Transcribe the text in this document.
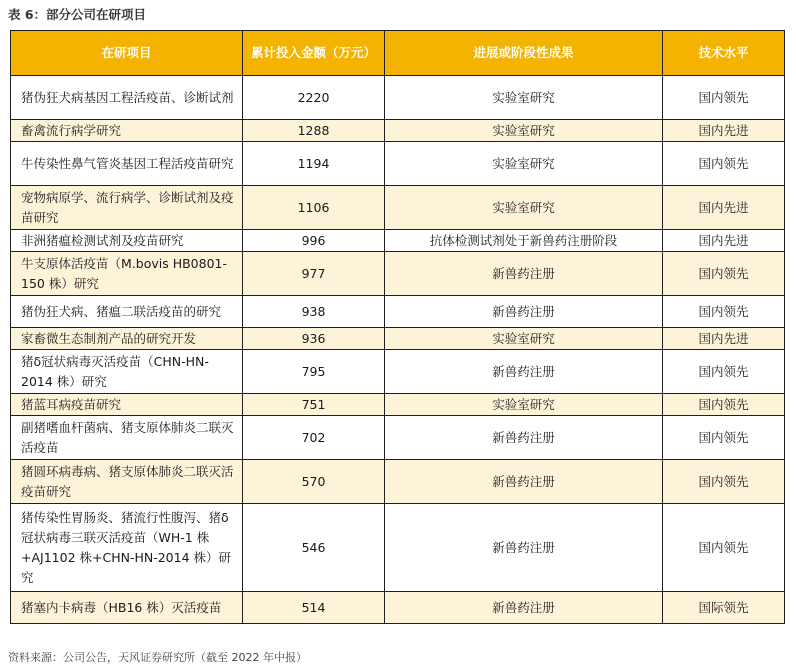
表 6：部分公司在研项目
在研项目	累计投入金额（万元）	进展或阶段性成果	技术水平
猪伪狂犬病基因工程活疫苗、诊断试剂	2220	实验室研究	国内领先
畜禽流行病学研究	1288	实验室研究	国内先进
牛传染性鼻气管炎基因工程活疫苗研究	1194	实验室研究	国内领先
宠物病原学、流行病学、诊断试剂及疫苗研究	1106	实验室研究	国内先进
非洲猪瘟检测试剂及疫苗研究	996	抗体检测试剂处于新兽药注册阶段	国内先进
牛支原体活疫苗（M.bovis HB0801-150 株）研究	977	新兽药注册	国内领先
猪伪狂犬病、猪瘟二联活疫苗的研究	938	新兽药注册	国内领先
家畜微生态制剂产品的研究开发	936	实验室研究	国内先进
猪δ冠状病毒灭活疫苗（CHN-HN-2014 株）研究	795	新兽药注册	国内领先
猪蓝耳病疫苗研究	751	实验室研究	国内领先
副猪嗜血杆菌病、猪支原体肺炎二联灭活疫苗	702	新兽药注册	国内领先
猪圆环病毒病、猪支原体肺炎二联灭活疫苗研究	570	新兽药注册	国内领先
猪传染性胃肠炎、猪流行性腹泻、猪δ冠状病毒三联灭活疫苗（WH-1 株+AJ1102 株+CHN-HN-2014 株）研究	546	新兽药注册	国内领先
猪塞内卡病毒（HB16 株）灭活疫苗	514	新兽药注册	国际领先
资料来源：公司公告，天风证券研究所（截至 2022 年中报）
